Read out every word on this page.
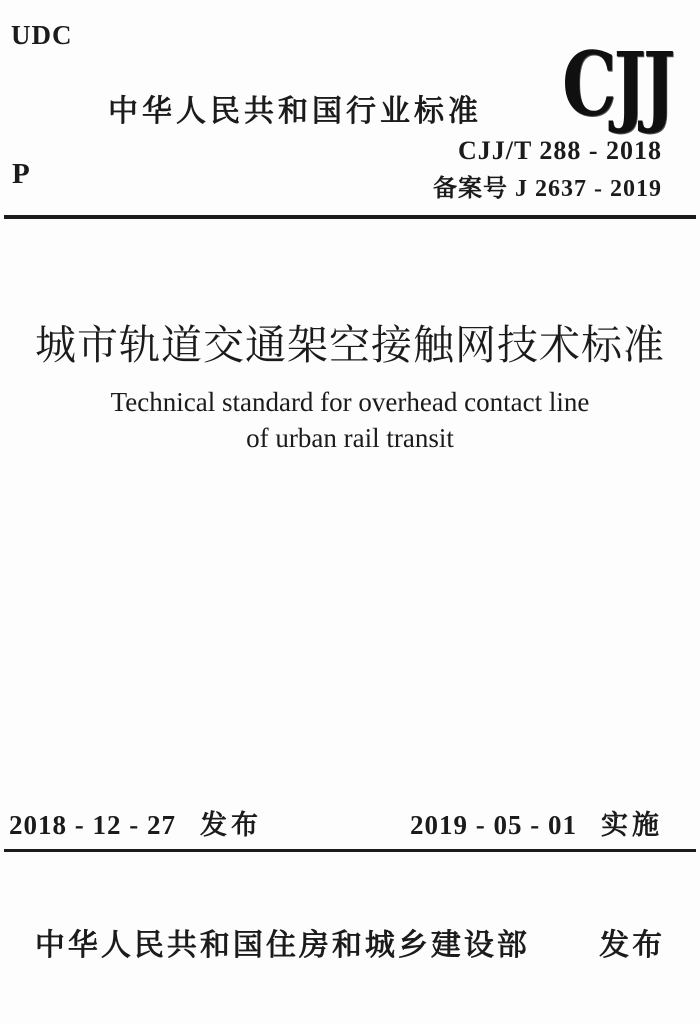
UDC
中华人民共和国行业标准 CJJ
CJJ/T 288 - 2018
备案号 J 2637 - 2019
P
城市轨道交通架空接触网技术标准
Technical standard for overhead contact line
of urban rail transit
2018 - 12 - 27 发布	2019 - 05 - 01 实施
中华人民共和国住房和城乡建设部 发布
